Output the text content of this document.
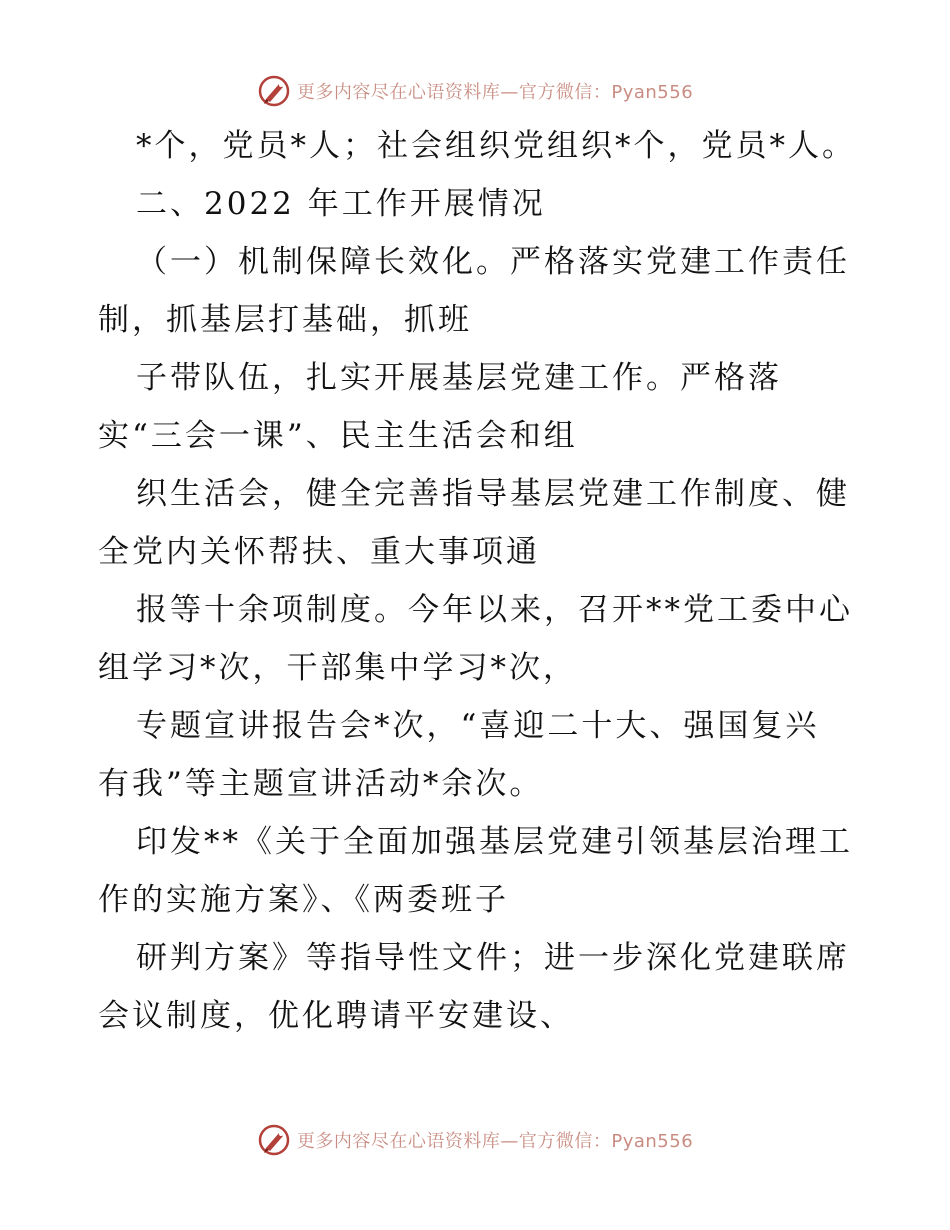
更多内容尽在心语资料库—官方微信：Pyan556
*个，党员*人；社会组织党组织*个，党员*人。
二、2022 年工作开展情况
（一）机制保障长效化。严格落实党建工作责任
制，抓基层打基础，抓班
子带队伍，扎实开展基层党建工作。严格落
实“三会一课”、民主生活会和组
织生活会，健全完善指导基层党建工作制度、健
全党内关怀帮扶、重大事项通
报等十余项制度。今年以来，召开**党工委中心
组学习*次，干部集中学习*次，
专题宣讲报告会*次，“喜迎二十大、强国复兴
有我”等主题宣讲活动*余次。
印发**《关于全面加强基层党建引领基层治理工
作的实施方案》、《两委班子
研判方案》等指导性文件；进一步深化党建联席
会议制度，优化聘请平安建设、
更多内容尽在心语资料库—官方微信：Pyan556
